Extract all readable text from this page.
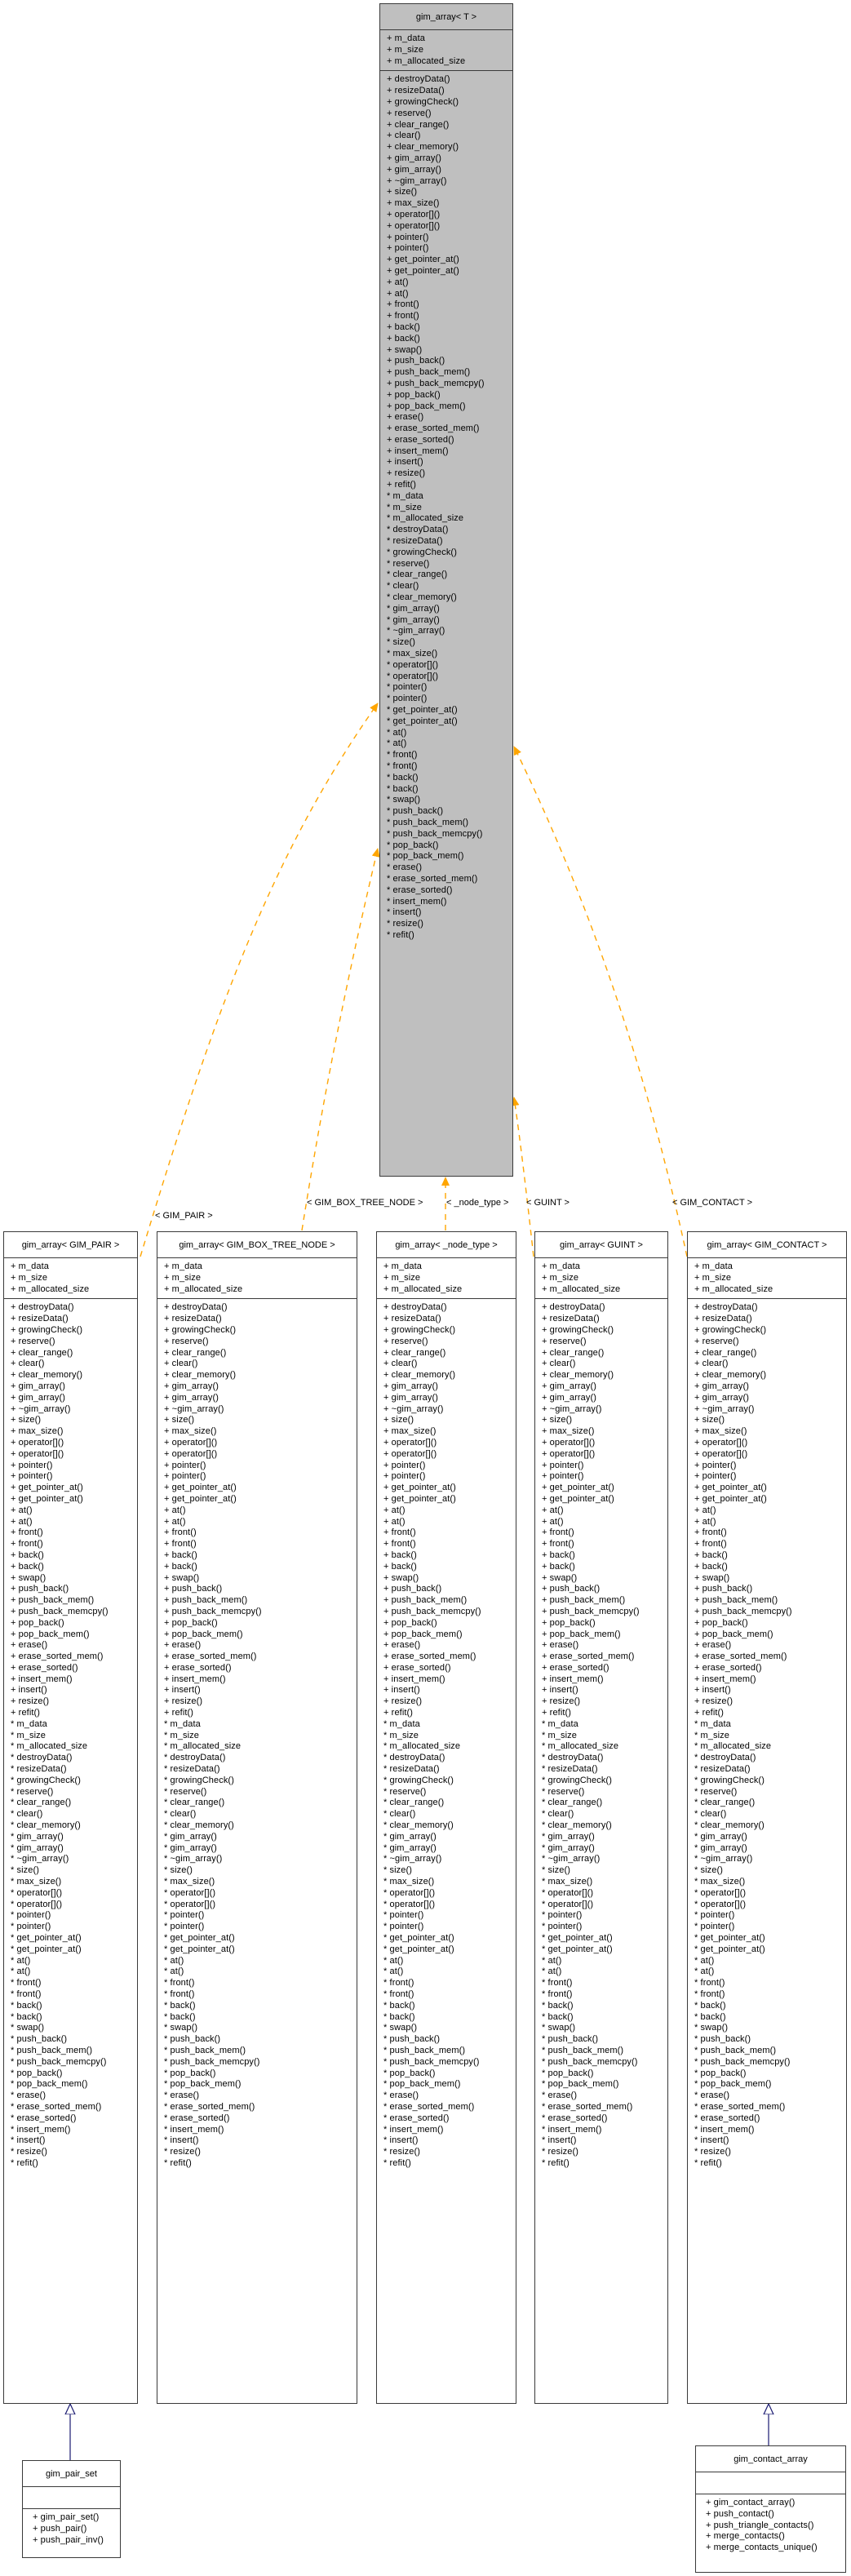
< GIM_PAIR >
< GIM_BOX_TREE_NODE >	< _node_type > < GUINT >	< GIM_CONTACT >
gim_array< T >
+ m_data
+ m_size
+ m_allocated_size
+ destroyData()
+ resizeData()
+ growingCheck()
+ reserve()
+ clear_range()
+ clear()
+ clear_memory()
+ gim_array()
+ gim_array()
+ ~gim_array()
+ size()
+ max_size()
+ operator[]()
+ operator[]()
+ pointer()
+ pointer()
+ get_pointer_at()
+ get_pointer_at()
+ at()
+ at()
+ front()
+ front()
+ back()
+ back()
+ swap()
+ push_back()
+ push_back_mem()
+ push_back_memcpy()
+ pop_back()
+ pop_back_mem()
+ erase()
+ erase_sorted_mem()
+ erase_sorted()
+ insert_mem()
+ insert()
+ resize()
+ refit()
* m_data
* m_size
* m_allocated_size
* destroyData()
* resizeData()
* growingCheck()
* reserve()
* clear_range()
* clear()
* clear_memory()
* gim_array()
* gim_array()
* ~gim_array()
* size()
* max_size()
* operator[]()
* operator[]()
* pointer()
* pointer()
* get_pointer_at()
* get_pointer_at()
* at()
* at()
* front()
* front()
* back()
* back()
* swap()
* push_back()
* push_back_mem()
* push_back_memcpy()
* pop_back()
* pop_back_mem()
* erase()
* erase_sorted_mem()
* erase_sorted()
* insert_mem()
* insert()
* resize()
* refit()
gim_array< GIM_PAIR >
+ m_data
+ m_size
+ m_allocated_size
+ destroyData()
+ resizeData()
+ growingCheck()
+ reserve()
+ clear_range()
+ clear()
+ clear_memory()
+ gim_array()
+ gim_array()
+ ~gim_array()
+ size()
+ max_size()
+ operator[]()
+ operator[]()
+ pointer()
+ pointer()
+ get_pointer_at()
+ get_pointer_at()
+ at()
+ at()
+ front()
+ front()
+ back()
+ back()
+ swap()
+ push_back()
+ push_back_mem()
+ push_back_memcpy()
+ pop_back()
+ pop_back_mem()
+ erase()
+ erase_sorted_mem()
+ erase_sorted()
+ insert_mem()
+ insert()
+ resize()
+ refit()
* m_data
* m_size
* m_allocated_size
* destroyData()
* resizeData()
* growingCheck()
* reserve()
* clear_range()
* clear()
* clear_memory()
* gim_array()
* gim_array()
* ~gim_array()
* size()
* max_size()
* operator[]()
* operator[]()
* pointer()
* pointer()
* get_pointer_at()
* get_pointer_at()
* at()
* at()
* front()
* front()
* back()
* back()
* swap()
* push_back()
* push_back_mem()
* push_back_memcpy()
* pop_back()
* pop_back_mem()
* erase()
* erase_sorted_mem()
* erase_sorted()
* insert_mem()
* insert()
* resize()
* refit()
gim_array< GIM_BOX_TREE_NODE >
+ m_data
+ m_size
+ m_allocated_size
+ destroyData()
+ resizeData()
+ growingCheck()
+ reserve()
+ clear_range()
+ clear()
+ clear_memory()
+ gim_array()
+ gim_array()
+ ~gim_array()
+ size()
+ max_size()
+ operator[]()
+ operator[]()
+ pointer()
+ pointer()
+ get_pointer_at()
+ get_pointer_at()
+ at()
+ at()
+ front()
+ front()
+ back()
+ back()
+ swap()
+ push_back()
+ push_back_mem()
+ push_back_memcpy()
+ pop_back()
+ pop_back_mem()
+ erase()
+ erase_sorted_mem()
+ erase_sorted()
+ insert_mem()
+ insert()
+ resize()
+ refit()
* m_data
* m_size
* m_allocated_size
* destroyData()
* resizeData()
* growingCheck()
* reserve()
* clear_range()
* clear()
* clear_memory()
* gim_array()
* gim_array()
* ~gim_array()
* size()
* max_size()
* operator[]()
* operator[]()
* pointer()
* pointer()
* get_pointer_at()
* get_pointer_at()
* at()
* at()
* front()
* front()
* back()
* back()
* swap()
* push_back()
* push_back_mem()
* push_back_memcpy()
* pop_back()
* pop_back_mem()
* erase()
* erase_sorted_mem()
* erase_sorted()
* insert_mem()
* insert()
* resize()
* refit()
gim_array< _node_type >
+ m_data
+ m_size
+ m_allocated_size
+ destroyData()
+ resizeData()
+ growingCheck()
+ reserve()
+ clear_range()
+ clear()
+ clear_memory()
+ gim_array()
+ gim_array()
+ ~gim_array()
+ size()
+ max_size()
+ operator[]()
+ operator[]()
+ pointer()
+ pointer()
+ get_pointer_at()
+ get_pointer_at()
+ at()
+ at()
+ front()
+ front()
+ back()
+ back()
+ swap()
+ push_back()
+ push_back_mem()
+ push_back_memcpy()
+ pop_back()
+ pop_back_mem()
+ erase()
+ erase_sorted_mem()
+ erase_sorted()
+ insert_mem()
+ insert()
+ resize()
+ refit()
* m_data
* m_size
* m_allocated_size
* destroyData()
* resizeData()
* growingCheck()
* reserve()
* clear_range()
* clear()
* clear_memory()
* gim_array()
* gim_array()
* ~gim_array()
* size()
* max_size()
* operator[]()
* operator[]()
* pointer()
* pointer()
* get_pointer_at()
* get_pointer_at()
* at()
* at()
* front()
* front()
* back()
* back()
* swap()
* push_back()
* push_back_mem()
* push_back_memcpy()
* pop_back()
* pop_back_mem()
* erase()
* erase_sorted_mem()
* erase_sorted()
* insert_mem()
* insert()
* resize()
* refit()
gim_array< GUINT >
+ m_data
+ m_size
+ m_allocated_size
+ destroyData()
+ resizeData()
+ growingCheck()
+ reserve()
+ clear_range()
+ clear()
+ clear_memory()
+ gim_array()
+ gim_array()
+ ~gim_array()
+ size()
+ max_size()
+ operator[]()
+ operator[]()
+ pointer()
+ pointer()
+ get_pointer_at()
+ get_pointer_at()
+ at()
+ at()
+ front()
+ front()
+ back()
+ back()
+ swap()
+ push_back()
+ push_back_mem()
+ push_back_memcpy()
+ pop_back()
+ pop_back_mem()
+ erase()
+ erase_sorted_mem()
+ erase_sorted()
+ insert_mem()
+ insert()
+ resize()
+ refit()
* m_data
* m_size
* m_allocated_size
* destroyData()
* resizeData()
* growingCheck()
* reserve()
* clear_range()
* clear()
* clear_memory()
* gim_array()
* gim_array()
* ~gim_array()
* size()
* max_size()
* operator[]()
* operator[]()
* pointer()
* pointer()
* get_pointer_at()
* get_pointer_at()
* at()
* at()
* front()
* front()
* back()
* back()
* swap()
* push_back()
* push_back_mem()
* push_back_memcpy()
* pop_back()
* pop_back_mem()
* erase()
* erase_sorted_mem()
* erase_sorted()
* insert_mem()
* insert()
* resize()
* refit()
gim_array< GIM_CONTACT >
+ m_data
+ m_size
+ m_allocated_size
+ destroyData()
+ resizeData()
+ growingCheck()
+ reserve()
+ clear_range()
+ clear()
+ clear_memory()
+ gim_array()
+ gim_array()
+ ~gim_array()
+ size()
+ max_size()
+ operator[]()
+ operator[]()
+ pointer()
+ pointer()
+ get_pointer_at()
+ get_pointer_at()
+ at()
+ at()
+ front()
+ front()
+ back()
+ back()
+ swap()
+ push_back()
+ push_back_mem()
+ push_back_memcpy()
+ pop_back()
+ pop_back_mem()
+ erase()
+ erase_sorted_mem()
+ erase_sorted()
+ insert_mem()
+ insert()
+ resize()
+ refit()
* m_data
* m_size
* m_allocated_size
* destroyData()
* resizeData()
* growingCheck()
* reserve()
* clear_range()
* clear()
* clear_memory()
* gim_array()
* gim_array()
* ~gim_array()
* size()
* max_size()
* operator[]()
* operator[]()
* pointer()
* pointer()
* get_pointer_at()
* get_pointer_at()
* at()
* at()
* front()
* front()
* back()
* back()
* swap()
* push_back()
* push_back_mem()
* push_back_memcpy()
* pop_back()
* pop_back_mem()
* erase()
* erase_sorted_mem()
* erase_sorted()
* insert_mem()
* insert()
* resize()
* refit()
gim_pair_set
+ gim_pair_set()
+ push_pair()
+ push_pair_inv()
gim_contact_array
+ gim_contact_array()
+ push_contact()
+ push_triangle_contacts()
+ merge_contacts()
+ merge_contacts_unique()
